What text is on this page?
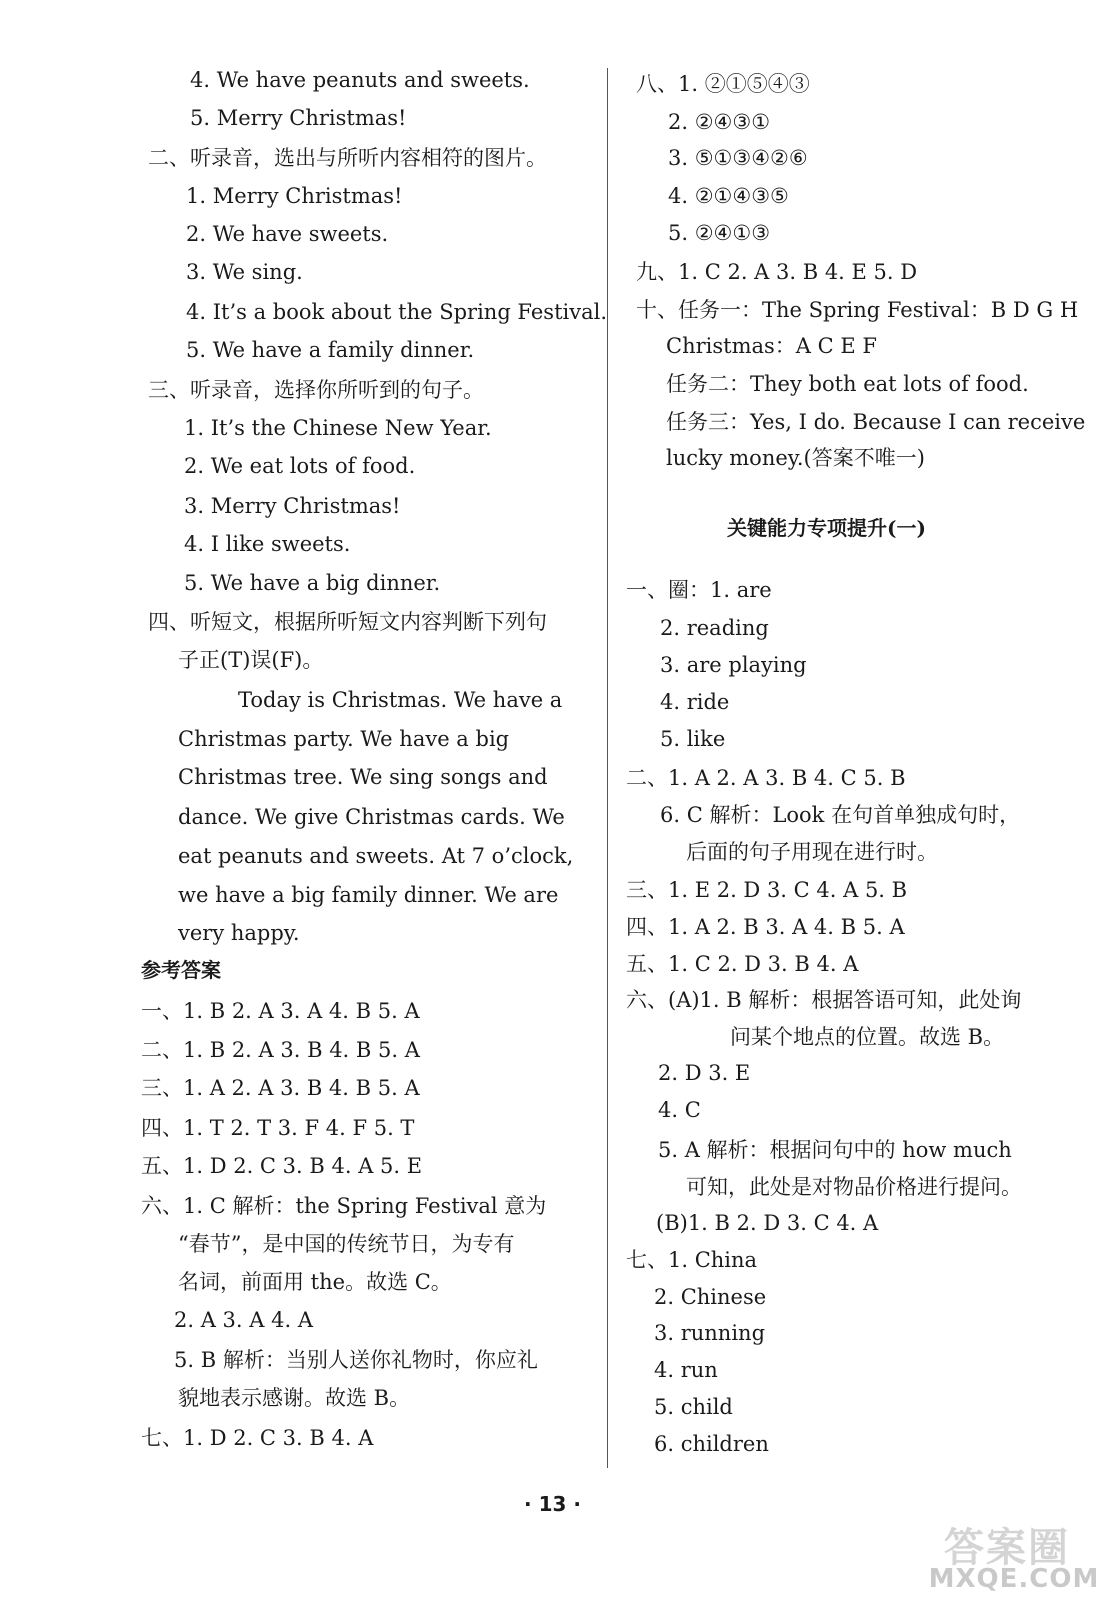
关键能力专项提升(一)
· 13 ·
答案圈
MXQE.COM
4. We have peanuts and sweets.
5. Merry Christmas!
二、听录音，选出与所听内容相符的图片。
1. Merry Christmas!
2. We have sweets.
3. We sing.
4. It’s a book about the Spring Festival.
5. We have a family dinner.
三、听录音，选择你所听到的句子。
1. It’s the Chinese New Year.
2. We eat lots of food.
3. Merry Christmas!
4. I like sweets.
5. We have a big dinner.
四、听短文，根据所听短文内容判断下列句
子正(T)误(F)。
Today is Christmas. We have a
Christmas party. We have a big
Christmas tree. We sing songs and
dance. We give Christmas cards. We
eat peanuts and sweets. At 7 o’clock,
we have a big family dinner. We are
very happy.
参考答案
一、1. B 2. A 3. A 4. B 5. A
二、1. B 2. A 3. B 4. B 5. A
三、1. A 2. A 3. B 4. B 5. A
四、1. T 2. T 3. F 4. F 5. T
五、1. D 2. C 3. B 4. A 5. E
六、1. C 解析：the Spring Festival 意为
“春节”，是中国的传统节日，为专有
名词，前面用 the。故选 C。
2. A 3. A 4. A
5. B 解析：当别人送你礼物时，你应礼
貌地表示感谢。故选 B。
七、1. D 2. C 3. B 4. A
八、1. ②①⑤④③
2. ②④③①
3. ⑤①③④②⑥
4. ②①④③⑤
5. ②④①③
九、1. C 2. A 3. B 4. E 5. D
十、任务一：The Spring Festival：B D G H
Christmas：A C E F
任务二：They both eat lots of food.
任务三：Yes, I do. Because I can receive
lucky money.(答案不唯一)
一、圈：1. are
2. reading
3. are playing
4. ride
5. like
二、1. A 2. A 3. B 4. C 5. B
6. C 解析：Look 在句首单独成句时，
后面的句子用现在进行时。
三、1. E 2. D 3. C 4. A 5. B
四、1. A 2. B 3. A 4. B 5. A
五、1. C 2. D 3. B 4. A
六、(A)1. B 解析：根据答语可知，此处询
问某个地点的位置。故选 B。
2. D 3. E
4. C
5. A 解析：根据问句中的 how much
可知，此处是对物品价格进行提问。
(B)1. B 2. D 3. C 4. A
七、1. China
2. Chinese
3. running
4. run
5. child
6. children
